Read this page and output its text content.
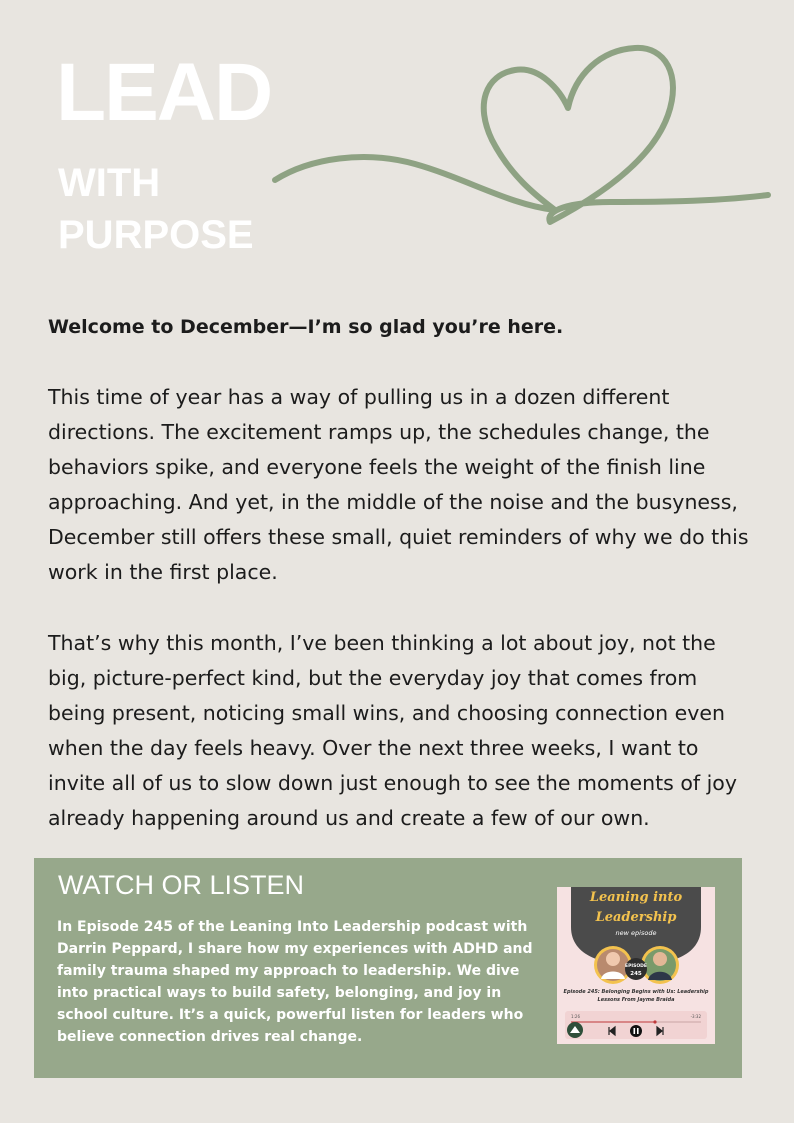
LEAD
WITH
PURPOSE

Welcome to December—I’m so glad you’re here.

This time of year has a way of pulling us in a dozen different directions. The excitement ramps up, the schedules change, the behaviors spike, and everyone feels the weight of the finish line approaching. And yet, in the middle of the noise and the busyness, December still offers these small, quiet reminders of why we do this work in the first place.

That’s why this month, I’ve been thinking a lot about joy, not the big, picture-perfect kind, but the everyday joy that comes from being present, noticing small wins, and choosing connection even when the day feels heavy. Over the next three weeks, I want to invite all of us to slow down just enough to see the moments of joy already happening around us and create a few of our own.

WATCH OR LISTEN

In Episode 245 of the Leaning Into Leadership podcast with Darrin Peppard, I share how my experiences with ADHD and family trauma shaped my approach to leadership. We dive into practical ways to build safety, belonging, and joy in school culture. It’s a quick, powerful listen for leaders who believe connection drives real change.

Leaning into
Leadership
new episode
EPISODE
245
Episode 245: Belonging Begins with Us: Leadership
Lessons From Jayme Braida
1:26	-3:32
